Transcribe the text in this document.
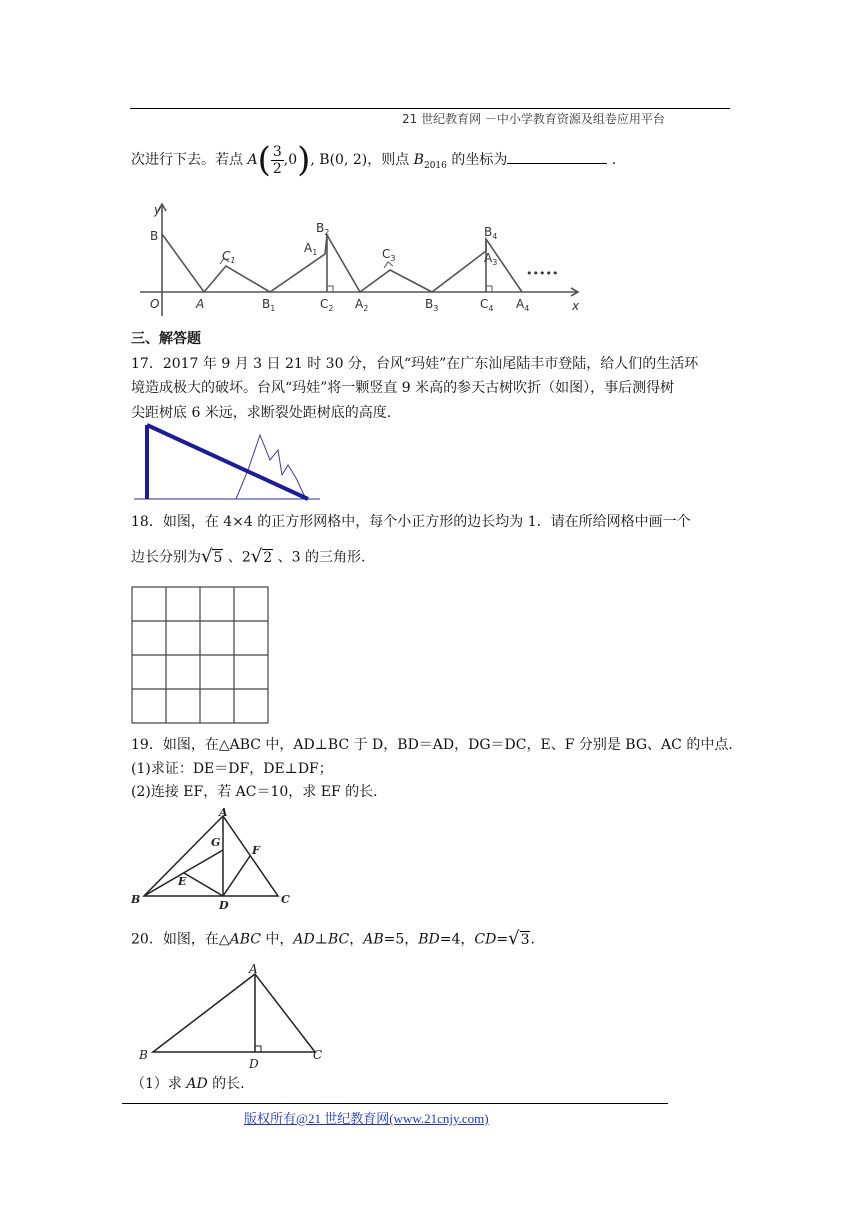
21 世纪教育网 －中小学教育资源及组卷应用平台
次进行下去。若点 $A( \frac{3}{2} ,0)$, B(0, 2)，则点 $B_{2016}$ 的坐标为	.
y
x
O
B
A
$C_1$
$B_1$
$B_2$
$A_1$
$C_2$ $A_2$
$C_3$
$B_3$
$B_4$
$A_3$
$C_4$ $A_4$
•••••
三、解答题
17．2017 年 9 月 3 日 21 时 30 分，台风“玛娃”在广东汕尾陆丰市登陆，给人们的生活环
境造成极大的破坏。台风“玛娃”将一颗竖直 9 米高的参天古树吹折（如图），事后测得树
尖距树底 6 米远，求断裂处距树底的高度.
18．如图，在 4×4 的正方形网格中，每个小正方形的边长均为 1．请在所给网格中画一个
边长分别为√5 、2√2 、3 的三角形.
19．如图，在△ABC 中，AD⊥BC 于 D，BD＝AD，DG＝DC，E、F 分别是 BG、AC 的中点.
(1)求证：DE＝DF，DE⊥DF；
(2)连接 EF，若 AC＝10，求 EF 的长.
A
G
F
E
B	D	C
20．如图，在△ABC 中，AD⊥BC，AB=5，BD=4，CD=√3.
A
B
D
C
（1）求 AD 的长.
版权所有@21 世纪教育网(www.21cnjy.com)
